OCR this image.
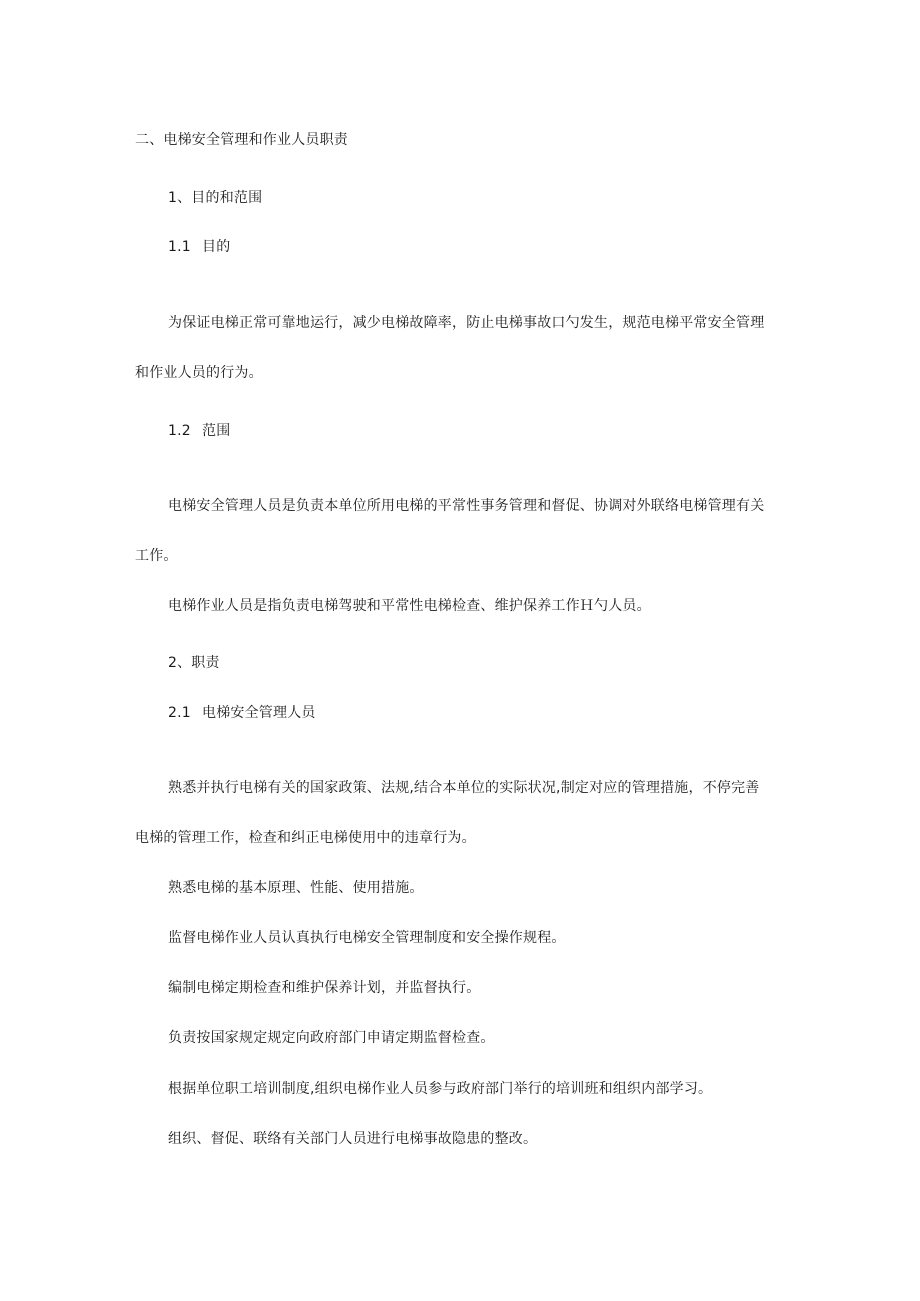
二、电梯安全管理和作业人员职责
1、目的和范围
1.1 目的
为保证电梯正常可靠地运行，减少电梯故障率，防止电梯事故口勺发生，规范电梯平常安全管理
和作业人员的行为。
1.2 范围
电梯安全管理人员是负责本单位所用电梯的平常性事务管理和督促、协调对外联络电梯管理有关
工作。
电梯作业人员是指负责电梯驾驶和平常性电梯检查、维护保养工作Ｈ勺人员。
2、职责
2.1 电梯安全管理人员
熟悉并执行电梯有关的国家政策、法规,结合本单位的实际状况,制定对应的管理措施，不停完善
电梯的管理工作，检查和纠正电梯使用中的违章行为。
熟悉电梯的基本原理、性能、使用措施。
监督电梯作业人员认真执行电梯安全管理制度和安全操作规程。
编制电梯定期检查和维护保养计划，并监督执行。
负责按国家规定规定向政府部门申请定期监督检查。
根据单位职工培训制度,组织电梯作业人员参与政府部门举行的培训班和组织内部学习。
组织、督促、联络有关部门人员进行电梯事故隐患的整改。
